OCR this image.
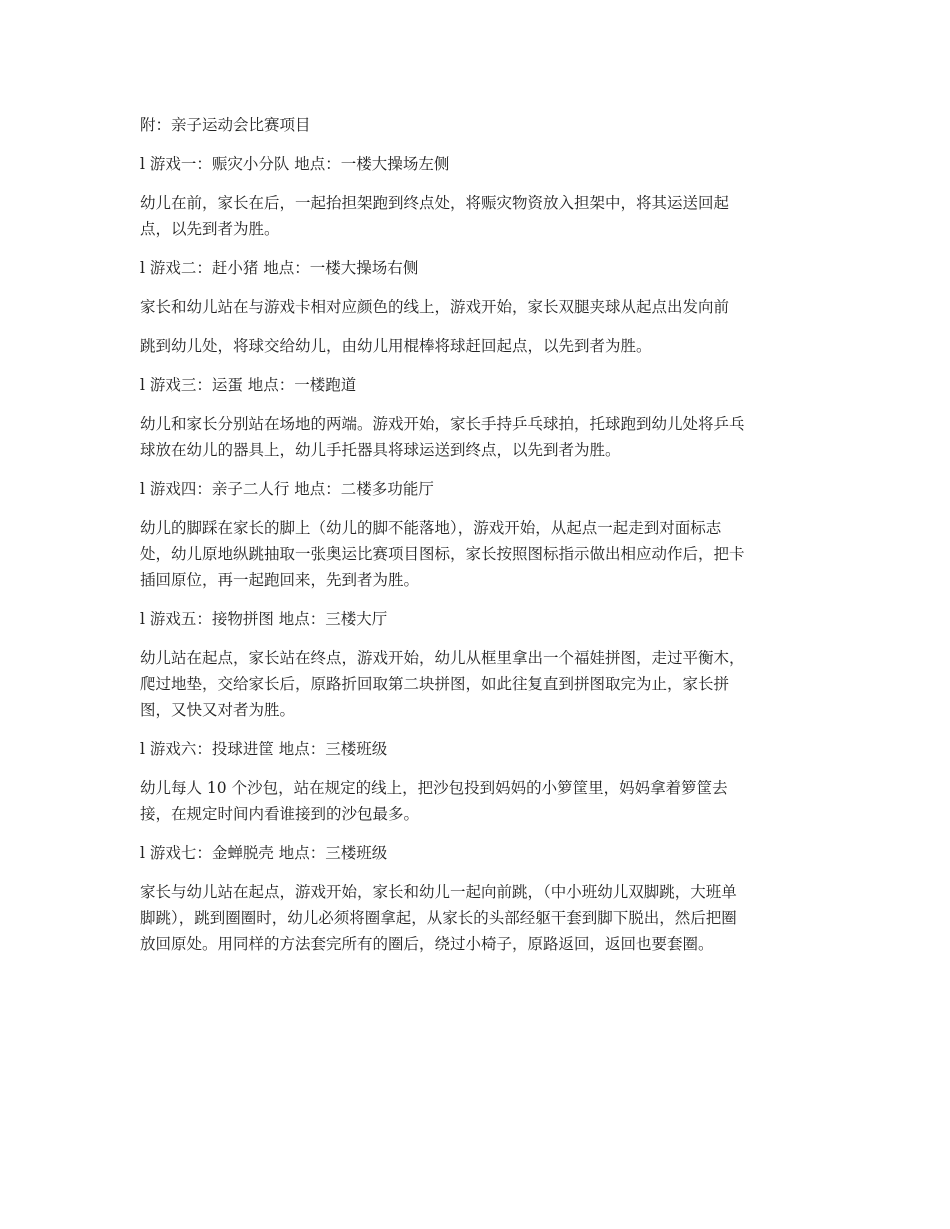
附：亲子运动会比赛项目

l 游戏一：赈灾小分队 地点：一楼大操场左侧

幼儿在前，家长在后，一起抬担架跑到终点处，将赈灾物资放入担架中，将其运送回起

点，以先到者为胜。

l 游戏二：赶小猪 地点：一楼大操场右侧

家长和幼儿站在与游戏卡相对应颜色的线上，游戏开始，家长双腿夹球从起点出发向前

跳到幼儿处，将球交给幼儿，由幼儿用棍棒将球赶回起点，以先到者为胜。

l 游戏三：运蛋 地点：一楼跑道

幼儿和家长分别站在场地的两端。游戏开始，家长手持乒乓球拍，托球跑到幼儿处将乒乓

球放在幼儿的器具上，幼儿手托器具将球运送到终点，以先到者为胜。

l 游戏四：亲子二人行 地点：二楼多功能厅

幼儿的脚踩在家长的脚上（幼儿的脚不能落地），游戏开始，从起点一起走到对面标志

处，幼儿原地纵跳抽取一张奥运比赛项目图标，家长按照图标指示做出相应动作后，把卡

插回原位，再一起跑回来，先到者为胜。

l 游戏五：接物拼图 地点：三楼大厅

幼儿站在起点，家长站在终点，游戏开始，幼儿从框里拿出一个福娃拼图，走过平衡木，

爬过地垫，交给家长后，原路折回取第二块拼图，如此往复直到拼图取完为止，家长拼

图，又快又对者为胜。

l 游戏六：投球进筐 地点：三楼班级

幼儿每人 10 个沙包，站在规定的线上，把沙包投到妈妈的小箩筐里，妈妈拿着箩筐去

接，在规定时间内看谁接到的沙包最多。

l 游戏七：金蝉脱壳 地点：三楼班级

家长与幼儿站在起点，游戏开始，家长和幼儿一起向前跳，（中小班幼儿双脚跳，大班单

脚跳），跳到圈圈时，幼儿必须将圈拿起，从家长的头部经躯干套到脚下脱出，然后把圈

放回原处。用同样的方法套完所有的圈后，绕过小椅子，原路返回，返回也要套圈。
